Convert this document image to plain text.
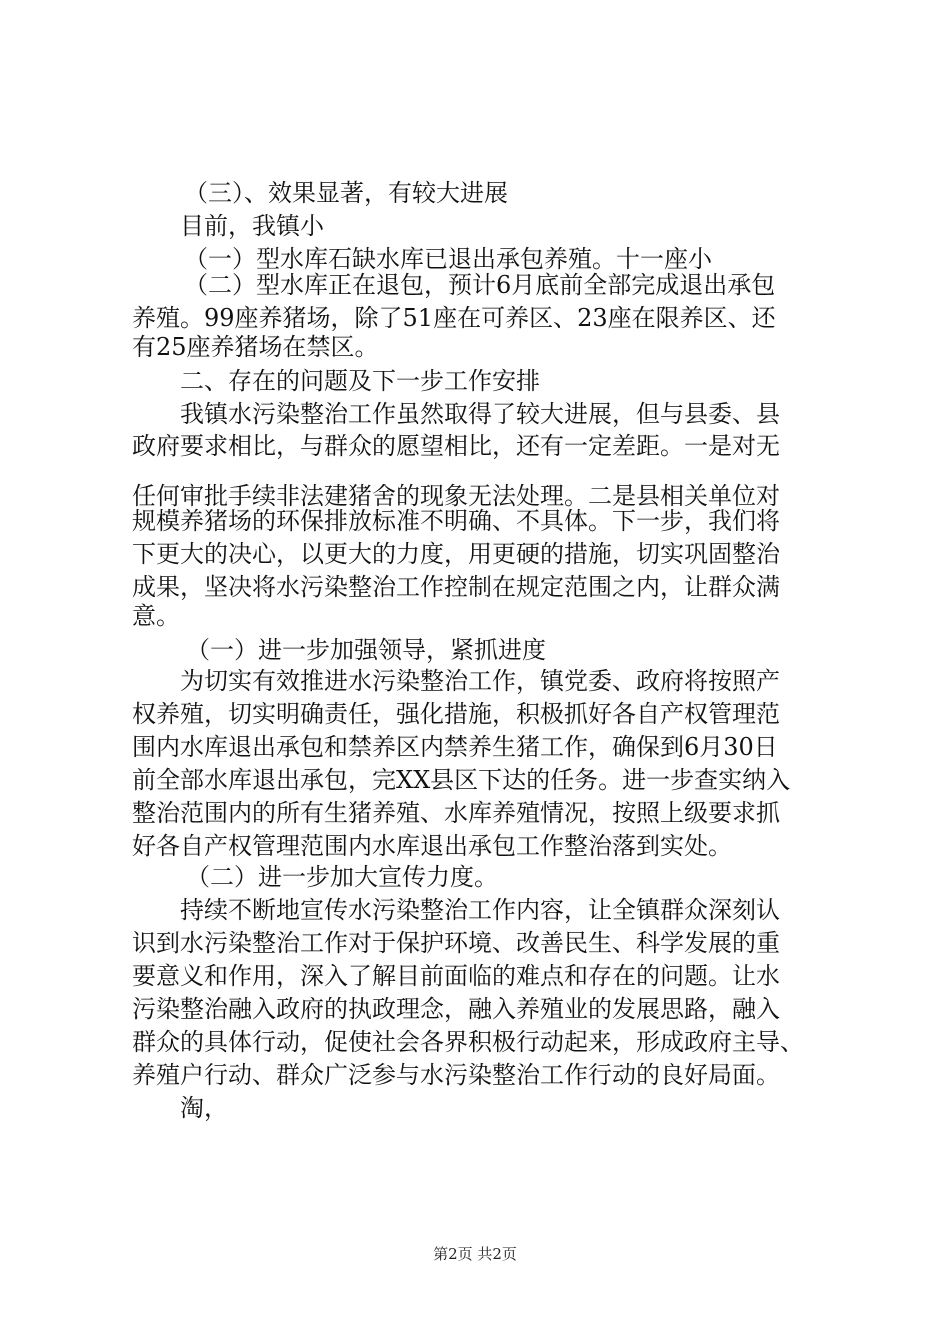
（三）、效果显著，有较大进展
目前，我镇小
（一）型水库石缺水库已退出承包养殖。十一座小
（二）型水库正在退包，预计6月底前全部完成退出承包
养殖。99座养猪场，除了51座在可养区、23座在限养区、还
有25座养猪场在禁区。
二、存在的问题及下一步工作安排
我镇水污染整治工作虽然取得了较大进展，但与县委、县
政府要求相比，与群众的愿望相比，还有一定差距。一是对无
任何审批手续非法建猪舍的现象无法处理。二是县相关单位对
规模养猪场的环保排放标准不明确、不具体。下一步，我们将
下更大的决心，以更大的力度，用更硬的措施，切实巩固整治
成果，坚决将水污染整治工作控制在规定范围之内，让群众满
意。
（一）进一步加强领导，紧抓进度
为切实有效推进水污染整治工作，镇党委、政府将按照产
权养殖，切实明确责任，强化措施，积极抓好各自产权管理范
围内水库退出承包和禁养区内禁养生猪工作，确保到6月30日
前全部水库退出承包，完XX县区下达的任务。进一步查实纳入
整治范围内的所有生猪养殖、水库养殖情况，按照上级要求抓
好各自产权管理范围内水库退出承包工作整治落到实处。
（二）进一步加大宣传力度。
持续不断地宣传水污染整治工作内容，让全镇群众深刻认
识到水污染整治工作对于保护环境、改善民生、科学发展的重
要意义和作用，深入了解目前面临的难点和存在的问题。让水
污染整治融入政府的执政理念，融入养殖业的发展思路，融入
群众的具体行动，促使社会各界积极行动起来，形成政府主导、
养殖户行动、群众广泛参与水污染整治工作行动的良好局面。
淘，
第2页 共2页
